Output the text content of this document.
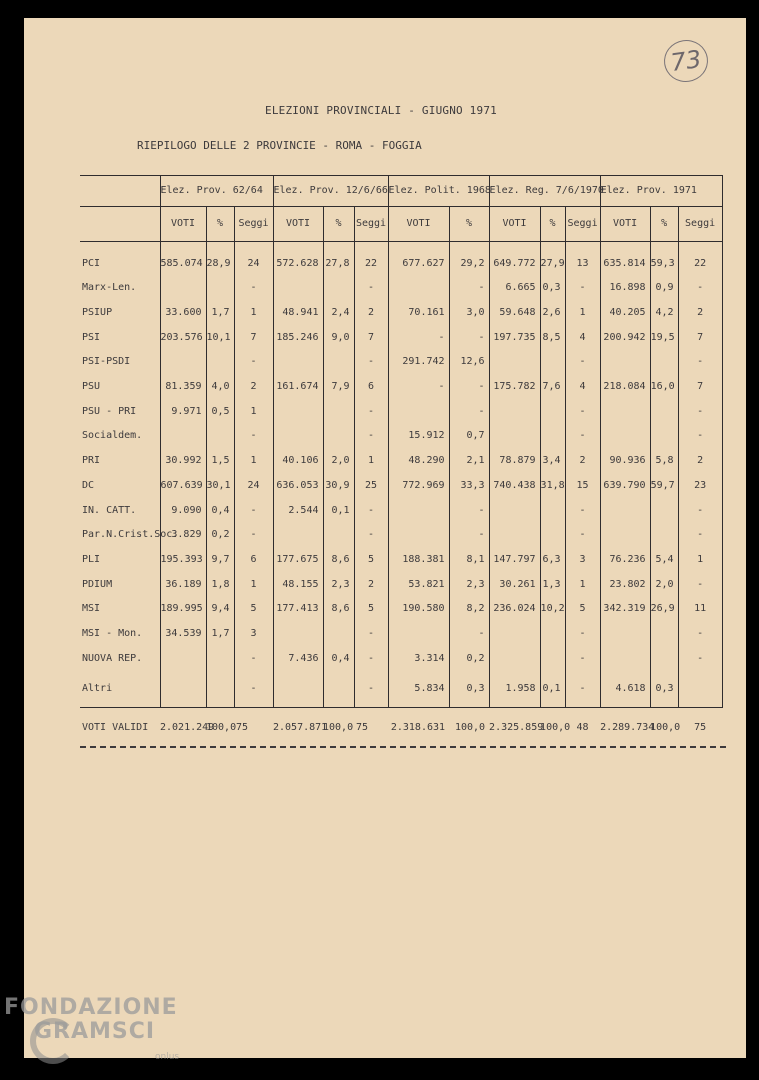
73
ELEZIONI PROVINCIALI - GIUGNO 1971
RIEPILOGO DELLE 2 PROVINCIE - ROMA - FOGGIA
	Elez. Prov. 62/64			Elez. Prov. 12/6/66			Elez. Polit. 1968		Elez. Reg. 7/6/1970			Elez. Prov. 1971		
	VOTI	%	Seggi	VOTI	%	Seggi	VOTI	%	VOTI	%	Seggi	VOTI	%	Seggi
PCI	585.074	28,9	24	572.628	27,8	22	677.627	29,2	649.772	27,9	13	635.814	59,3	22
Marx-Len.			-			-		-	6.665	0,3	-	16.898	0,9	-
PSIUP	33.600	1,7	1	48.941	2,4	2	70.161	3,0	59.648	2,6	1	40.205	4,2	2
PSI	203.576	10,1	7	185.246	9,0	7	-	-	197.735	8,5	4	200.942	19,5	7
PSI-PSDI			-			-	291.742	12,6			-			-
PSU	81.359	4,0	2	161.674	7,9	6	-	-	175.782	7,6	4	218.084	16,0	7
PSU - PRI	9.971	0,5	1			-		-			-			-
Socialdem.			-			-	15.912	0,7			-			-
PRI	30.992	1,5	1	40.106	2,0	1	48.290	2,1	78.879	3,4	2	90.936	5,8	2
DC	607.639	30,1	24	636.053	30,9	25	772.969	33,3	740.438	31,8	15	639.790	59,7	23
IN. CATT.	9.090	0,4	-	2.544	0,1	-		-			-			-
Par.N.Crist.Soc.	3.829	0,2	-			-		-			-			-
PLI	195.393	9,7	6	177.675	8,6	5	188.381	8,1	147.797	6,3	3	76.236	5,4	1
PDIUM	36.189	1,8	1	48.155	2,3	2	53.821	2,3	30.261	1,3	1	23.802	2,0	-
MSI	189.995	9,4	5	177.413	8,6	5	190.580	8,2	236.024	10,2	5	342.319	26,9	11
MSI - Mon.	34.539	1,7	3			-		-			-			-
NUOVA REP.			-	7.436	0,4	-	3.314	0,2			-			-
Altri			-			-	5.834	0,3	1.958	0,1	-	4.618	0,3	
VOTI VALIDI	2.021.249	100,0	75	2.057.871	100,0	75	2.318.631	100,0	2.325.859	100,0	48	2.289.734	100,0	75
FONDAZIONE
GRAMSCI
onlus
